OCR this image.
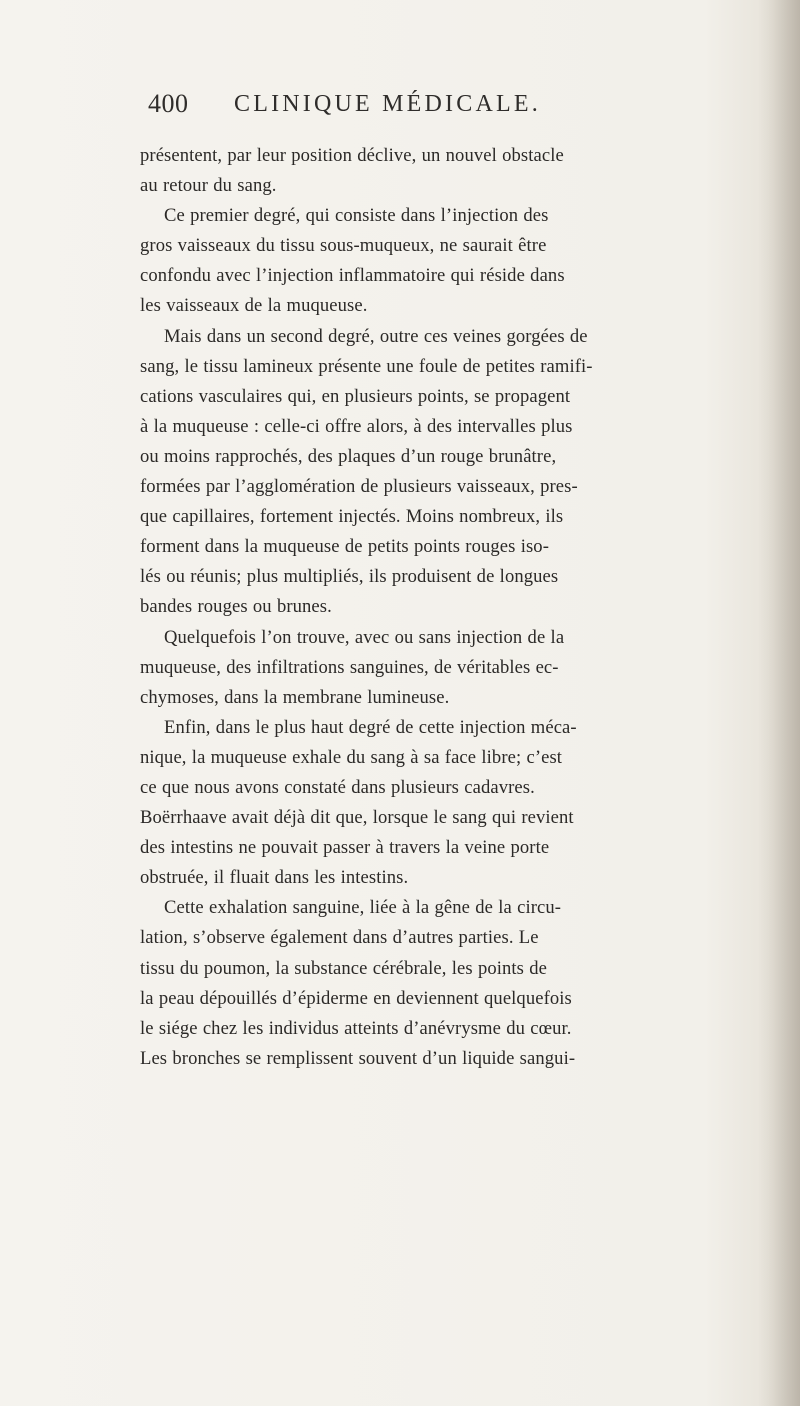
400 CLINIQUE MÉDICALE.
présentent, par leur position déclive, un nouvel obstacle
au retour du sang.
Ce premier degré, qui consiste dans l’injection des
gros vaisseaux du tissu sous-muqueux, ne saurait être
confondu avec l’injection inflammatoire qui réside dans
les vaisseaux de la muqueuse.
Mais dans un second degré, outre ces veines gorgées de
sang, le tissu lamineux présente une foule de petites ramifi-
cations vasculaires qui, en plusieurs points, se propagent
à la muqueuse : celle-ci offre alors, à des intervalles plus
ou moins rapprochés, des plaques d’un rouge brunâtre,
formées par l’agglomération de plusieurs vaisseaux, pres-
que capillaires, fortement injectés. Moins nombreux, ils
forment dans la muqueuse de petits points rouges iso-
lés ou réunis; plus multipliés, ils produisent de longues
bandes rouges ou brunes.
Quelquefois l’on trouve, avec ou sans injection de la
muqueuse, des infiltrations sanguines, de véritables ec-
chymoses, dans la membrane lumineuse.
Enfin, dans le plus haut degré de cette injection méca-
nique, la muqueuse exhale du sang à sa face libre; c’est
ce que nous avons constaté dans plusieurs cadavres.
Boërrhaave avait déjà dit que, lorsque le sang qui revient
des intestins ne pouvait passer à travers la veine porte
obstruée, il fluait dans les intestins.
Cette exhalation sanguine, liée à la gêne de la circu-
lation, s’observe également dans d’autres parties. Le
tissu du poumon, la substance cérébrale, les points de
la peau dépouillés d’épiderme en deviennent quelquefois
le siége chez les individus atteints d’anévrysme du cœur.
Les bronches se remplissent souvent d’un liquide sangui-
